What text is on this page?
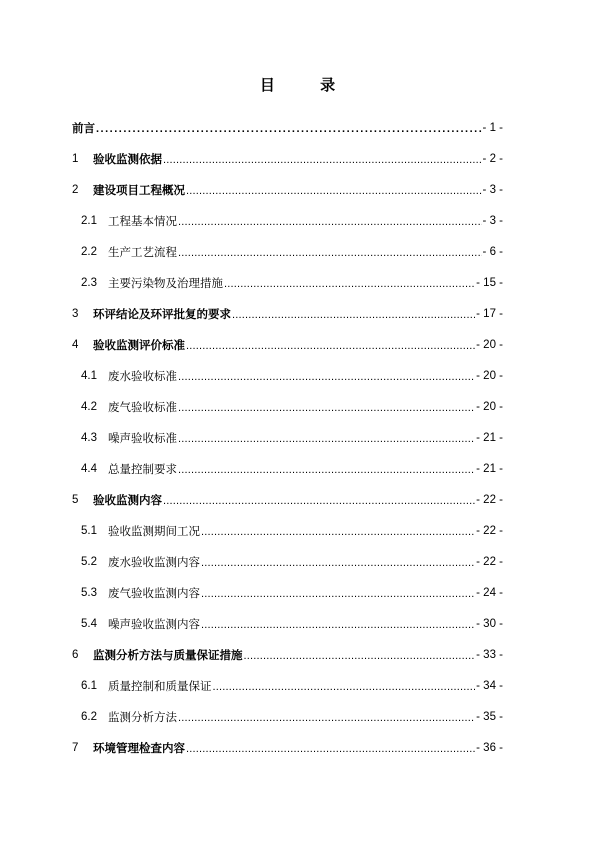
目 录
前言 .....	- 1 -
1	验收监测依据 .....	- 2 -
2	建设项目工程概况 .....	- 3 -
2.1 工程基本情况 .....	- 3 -
2.2 生产工艺流程 .....	- 6 -
2.3 主要污染物及治理措施 .....	- 15 -
3	环评结论及环评批复的要求 .....	- 17 -
4	验收监测评价标准 .....	- 20 -
4.1 废水验收标准 .....	- 20 -
4.2 废气验收标准 .....	- 20 -
4.3 噪声验收标准 .....	- 21 -
4.4 总量控制要求 .....	- 21 -
5	验收监测内容 .....	- 22 -
5.1 验收监测期间工况 .....	- 22 -
5.2 废水验收监测内容 .....	- 22 -
5.3 废气验收监测内容 .....	- 24 -
5.4 噪声验收监测内容 .....	- 30 -
6	监测分析方法与质量保证措施 .....	- 33 -
6.1 质量控制和质量保证 .....	- 34 -
6.2 监测分析方法 .....	- 35 -
7	环境管理检查内容 .....	- 36 -
